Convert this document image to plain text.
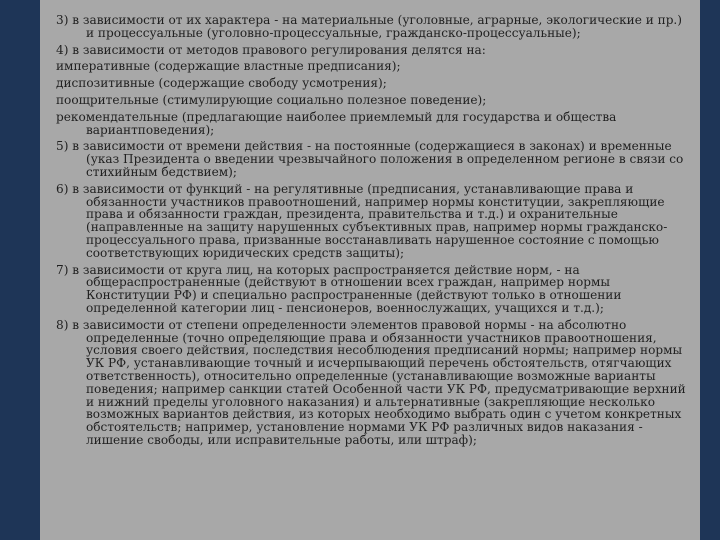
3) в зависимости от их характера - на материальные (уголовные, аграрные, экологические и пр.) и процессуальные (уголовно-процессуальные, гражданско-процессуальные);

4) в зависимости от методов правового регулирования делятся на:

императивные (содержащие властные предписания);

диспозитивные (содержащие свободу усмотрения);

поощрительные (стимулирующие социально полезное поведение);

рекомендательные (предлагающие наиболее приемлемый для государства и общества вариантповедения);

5) в зависимости от времени действия - на постоянные (содержащиеся в законах) и временные (указ Президента о введении чрезвычайного положения в определенном регионе в связи со стихийным бедствием);

6) в зависимости от функций - на регулятивные (предписания, устанавливающие права и обязанности участников правоотношений, например нормы конституции, закрепляющие права и обязанности граждан, президента, правительства и т.д.) и охранительные (направленные на защиту нарушенных субъективных прав, например нормы гражданско-процессуального права, призванные восстанавливать нарушенное состояние с помощью соответствующих юридических средств защиты);

7) в зависимости от круга лиц, на которых распространяется действие норм, - на общераспространенные (действуют в отношении всех граждан, например нормы Конституции РФ) и специально распространенные (действуют только в отношении определенной категории лиц - пенсионеров, военнослужащих, учащихся и т.д.);

8) в зависимости от степени определенности элементов правовой нормы - на абсолютно определенные (точно определяющие права и обязанности участников правоотношения, условия своего действия, последствия несоблюдения предписаний нормы; например нормы УК РФ, устанавливающие точный и исчерпывающий перечень обстоятельств, отягчающих ответственность), относительно определенные (устанавливающие возможные варианты поведения; например санкции статей Особенной части УК РФ, предусматривающие верхний и нижний пределы уголовного наказания) и альтернативные (закрепляющие несколько возможных вариантов действия, из которых необходимо выбрать один с учетом конкретных обстоятельств; например, установление нормами УК РФ различных видов наказания - лишение свободы, или исправительные работы, или штраф);
